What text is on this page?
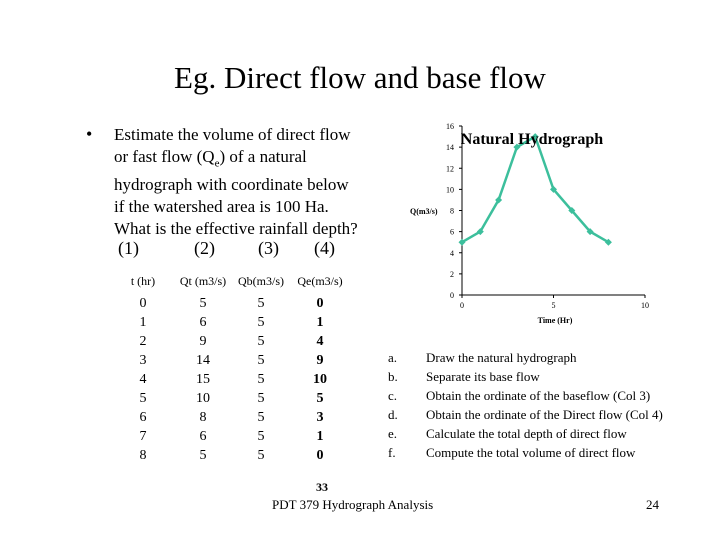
Eg. Direct flow and base flow
• Estimate the volume of direct flow
or fast flow $(Q_e)$ of a natural
hydrograph with coordinate below
if the watershed area is 100 Ha.
What is the effective rainfall depth?
(1)	(2) (3) (4)
t (hr)	Qt (m3/s)	Qb(m3/s)	Qe(m3/s)
0	5	5	0
1	6	5	1
2	9	5	4
3	14	5	9
4	15	5	10
5	10	5	5
6	8	5	3
7	6	5	1
8	5	5	0
0
2
4
6
8
10
12
14
16
0	5	10
Natural Hydrograph
Q(m3/s)
Time (Hr)
a. Draw the natural hydrograph
b. Separate its base flow
c. Obtain the ordinate of the baseflow (Col 3)
d. Obtain the ordinate of the Direct flow (Col 4)
e. Calculate the total depth of direct flow
f. Compute the total volume of direct flow
33
PDT 379 Hydrograph Analysis	24
